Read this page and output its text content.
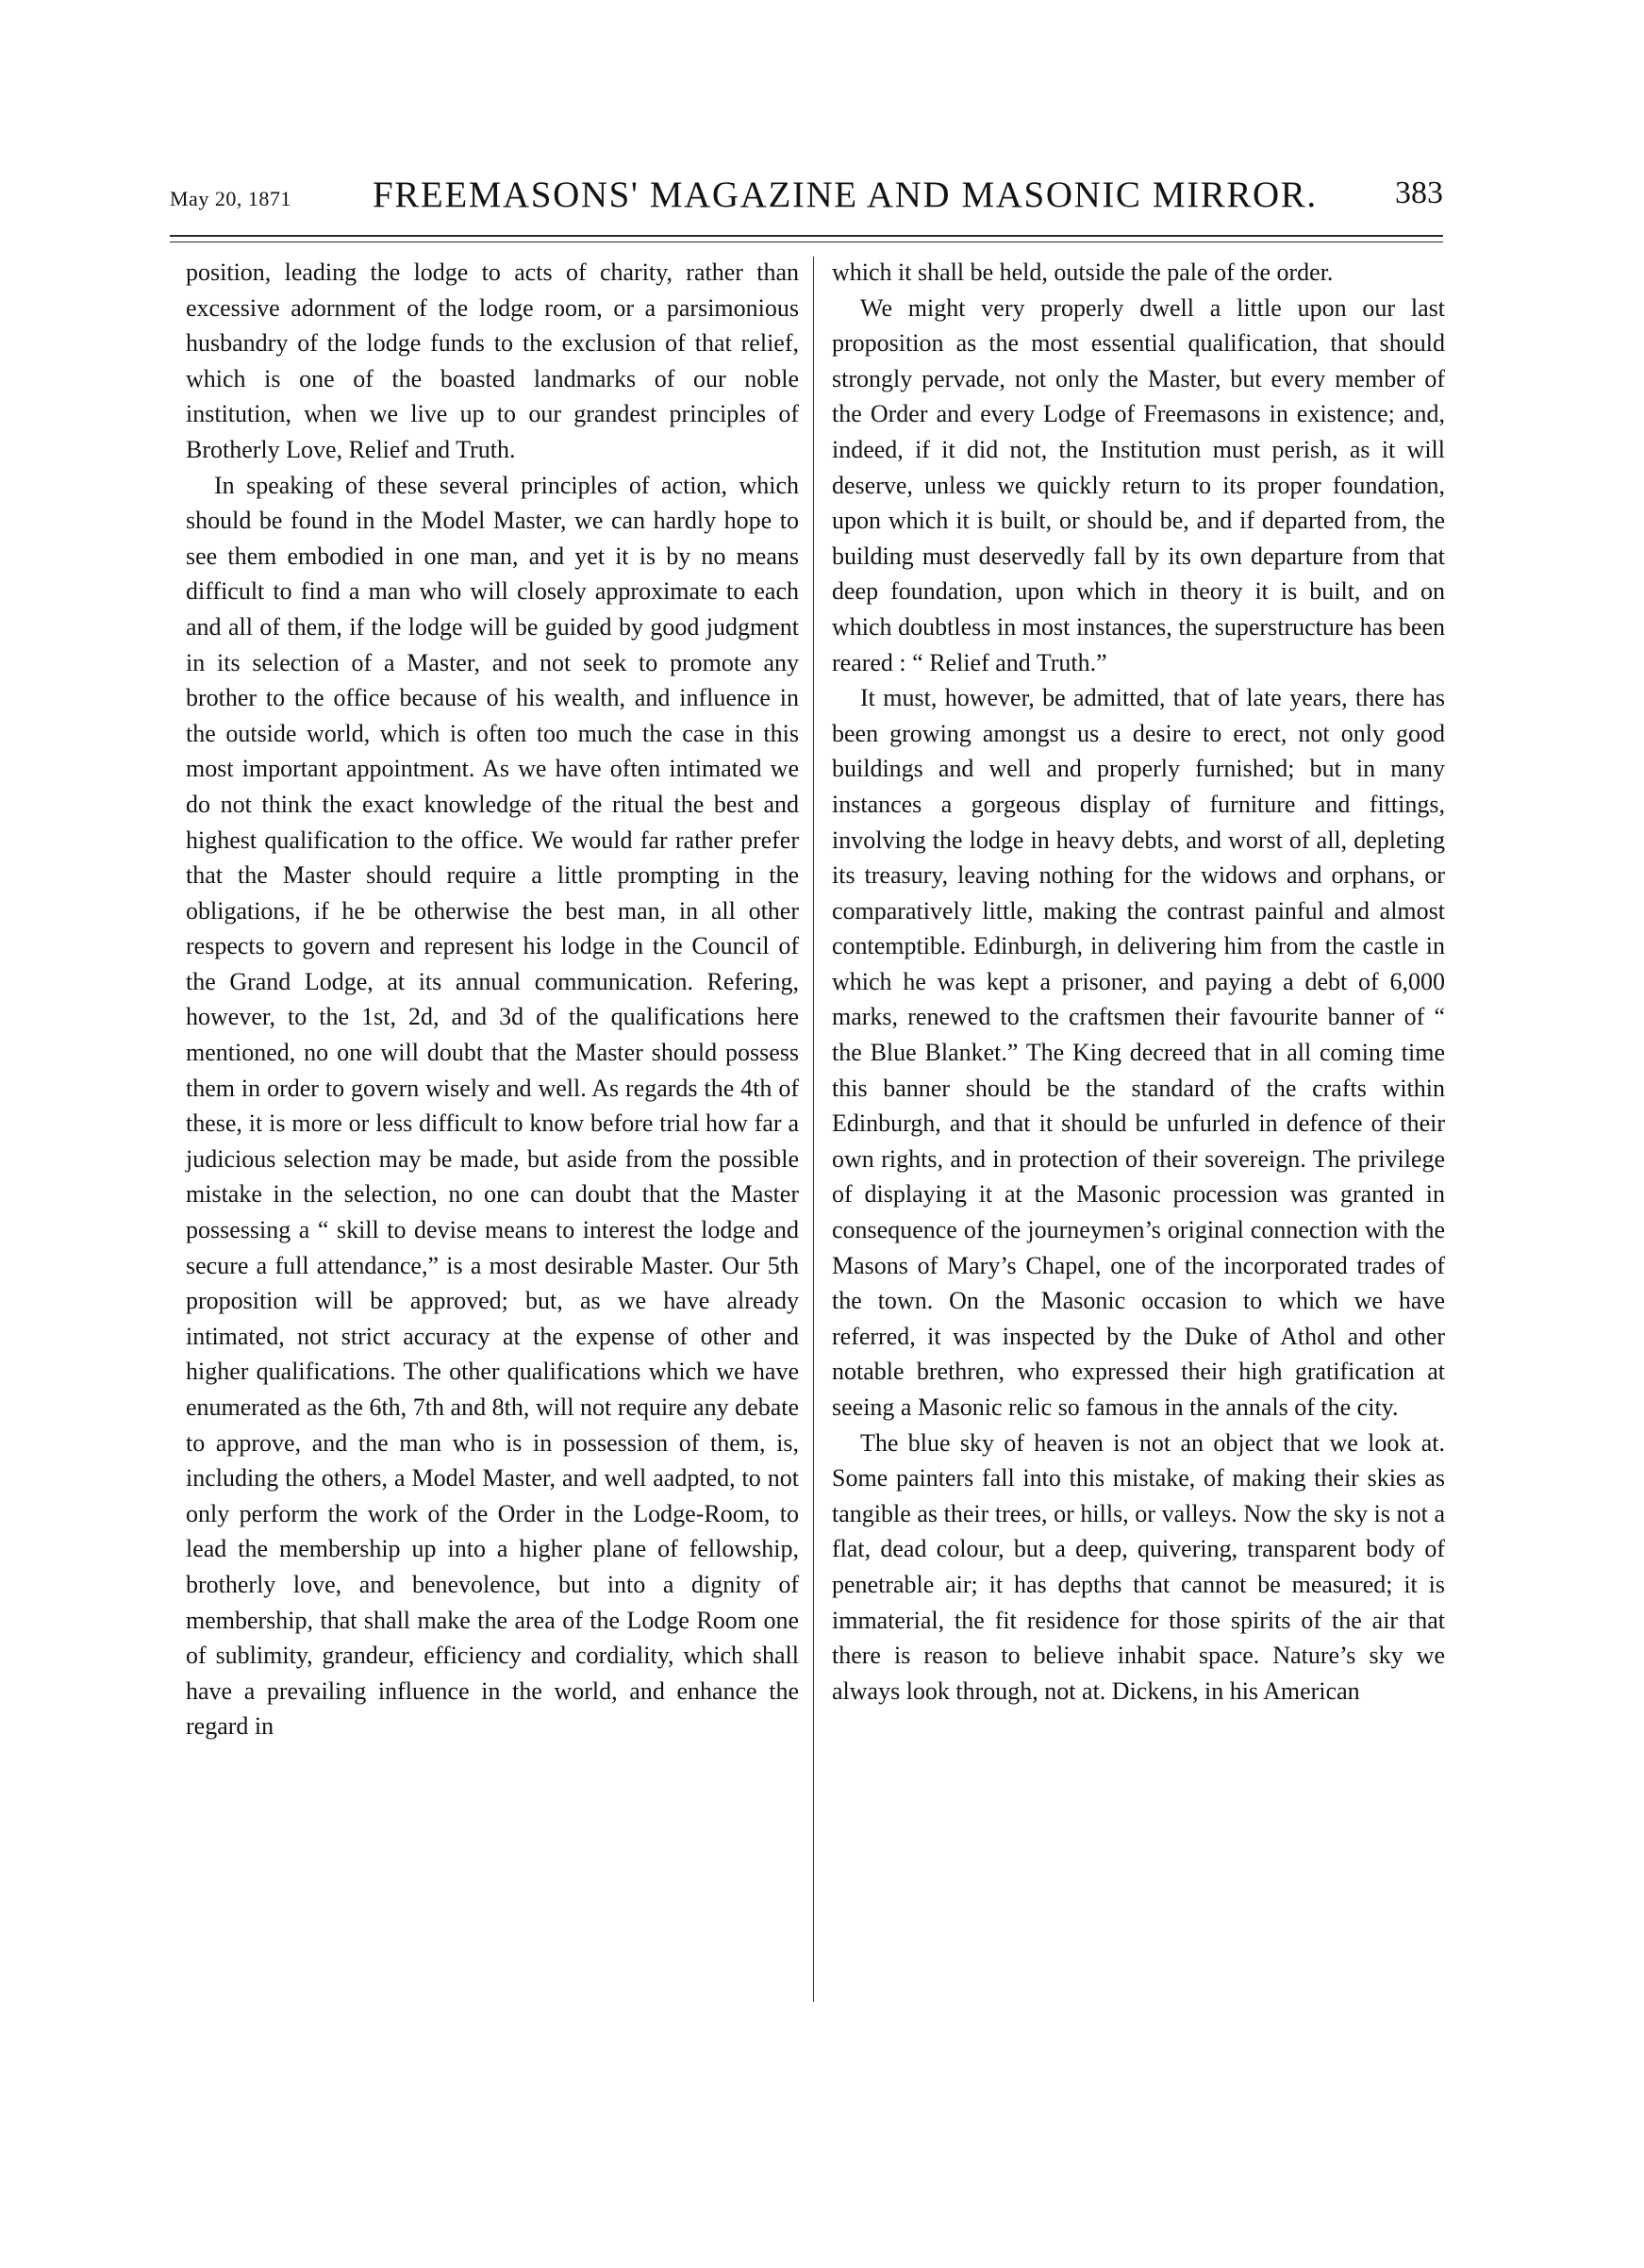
May 20, 1871 FREEMASONS' MAGAZINE AND MASONIC MIRROR. 383

position, leading the lodge to acts of charity, rather than excessive adornment of the lodge room, or a parsimonious husbandry of the lodge funds to the exclusion of that relief, which is one of the boasted landmarks of our noble institution, when we live up to our grandest principles of Brotherly Love, Relief and Truth.

In speaking of these several principles of action, which should be found in the Model Master, we can hardly hope to see them embodied in one man, and yet it is by no means difficult to find a man who will closely approximate to each and all of them, if the lodge will be guided by good judgment in its selection of a Master, and not seek to promote any brother to the office because of his wealth, and influence in the outside world, which is often too much the case in this most important appointment. As we have often intimated we do not think the exact knowledge of the ritual the best and highest qualification to the office. We would far rather prefer that the Master should require a little prompting in the obligations, if he be otherwise the best man, in all other respects to govern and represent his lodge in the Council of the Grand Lodge, at its annual communication. Refering, however, to the 1st, 2d, and 3d of the qualifications here mentioned, no one will doubt that the Master should possess them in order to govern wisely and well. As regards the 4th of these, it is more or less difficult to know before trial how far a judicious selection may be made, but aside from the possible mistake in the selection, no one can doubt that the Master possessing a “ skill to devise means to interest the lodge and secure a full attendance,” is a most desirable Master. Our 5th proposition will be approved; but, as we have already intimated, not strict accuracy at the expense of other and higher qualifications. The other qualifications which we have enumerated as the 6th, 7th and 8th, will not require any debate to approve, and the man who is in possession of them, is, including the others, a Model Master, and well aadpted, to not only perform the work of the Order in the Lodge-Room, to lead the membership up into a higher plane of fellowship, brotherly love, and benevolence, but into a dignity of membership, that shall make the area of the Lodge Room one of sublimity, grandeur, efficiency and cordiality, which shall have a prevailing influence in the world, and enhance the regard in

which it shall be held, outside the pale of the order.

We might very properly dwell a little upon our last proposition as the most essential qualification, that should strongly pervade, not only the Master, but every member of the Order and every Lodge of Freemasons in existence; and, indeed, if it did not, the Institution must perish, as it will deserve, unless we quickly return to its proper foundation, upon which it is built, or should be, and if departed from, the building must deservedly fall by its own departure from that deep foundation, upon which in theory it is built, and on which doubtless in most instances, the superstructure has been reared : “ Relief and Truth.”

It must, however, be admitted, that of late years, there has been growing amongst us a desire to erect, not only good buildings and well and properly furnished; but in many instances a gorgeous display of furniture and fittings, involving the lodge in heavy debts, and worst of all, depleting its treasury, leaving nothing for the widows and orphans, or comparatively little, making the contrast painful and almost contemptible. Edinburgh, in delivering him from the castle in which he was kept a prisoner, and paying a debt of 6,000 marks, renewed to the craftsmen their favourite banner of “ the Blue Blanket.” The King decreed that in all coming time this banner should be the standard of the crafts within Edinburgh, and that it should be unfurled in defence of their own rights, and in protection of their sovereign. The privilege of displaying it at the Masonic procession was granted in consequence of the journeymen’s original connection with the Masons of Mary’s Chapel, one of the incorporated trades of the town. On the Masonic occasion to which we have referred, it was inspected by the Duke of Athol and other notable brethren, who expressed their high gratification at seeing a Masonic relic so famous in the annals of the city.

The blue sky of heaven is not an object that we look at. Some painters fall into this mistake, of making their skies as tangible as their trees, or hills, or valleys. Now the sky is not a flat, dead colour, but a deep, quivering, transparent body of penetrable air; it has depths that cannot be measured; it is immaterial, the fit residence for those spirits of the air that there is reason to believe inhabit space. Nature’s sky we always look through, not at. Dickens, in his American
